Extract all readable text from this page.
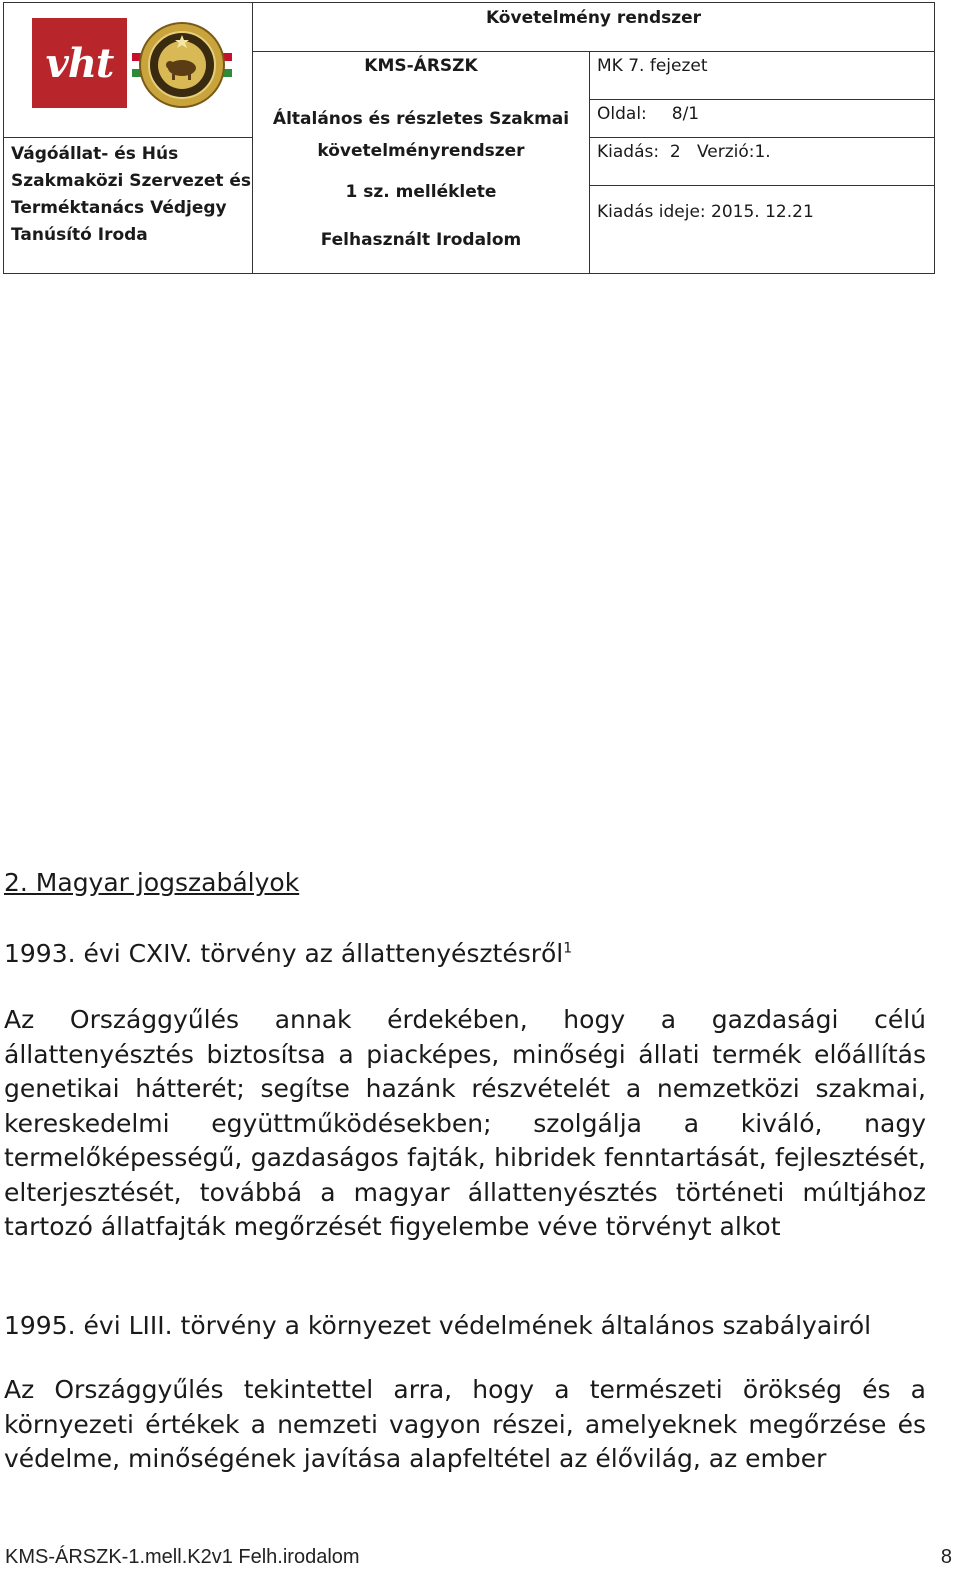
vht
Vágóállat- és Hús
Szakmaközi Szervezet és
Terméktanács Védjegy
Tanúsító Iroda
Követelmény rendszer
KMS-ÁRSZK
Általános és részletes Szakmai
követelményrendszer
1 sz. melléklete
Felhasznált Irodalom
MK 7. fejezet
Oldal: 8/1
Kiadás: 2 Verzió:1.
Kiadás ideje: 2015. 12.21
2. Magyar jogszabályok
1993. évi CXIV. törvény az állattenyésztésről$^1$
Az Országgyűlés annak érdekében, hogy a gazdasági célú állattenyésztés biztosítsa a piacképes, minőségi állati termék előállítás genetikai hátterét; segítse hazánk részvételét a nemzetközi szakmai, kereskedelmi együttműködésekben; szolgálja a kiváló, nagy termelőképességű, gazdaságos fajták, hibridek fenntartását, fejlesztését, elterjesztését, továbbá a magyar állattenyésztés történeti múltjához tartozó állatfajták megőrzését figyelembe véve törvényt alkot
1995. évi LIII. törvény a környezet védelmének általános szabályairól
Az Országgyűlés tekintettel arra, hogy a természeti örökség és a környezeti értékek a nemzeti vagyon részei, amelyeknek megőrzése és védelme, minőségének javítása alapfeltétel az élővilág, az ember
KMS-ÁRSZK-1.mell.K2v1 Felh.irodalom	8
